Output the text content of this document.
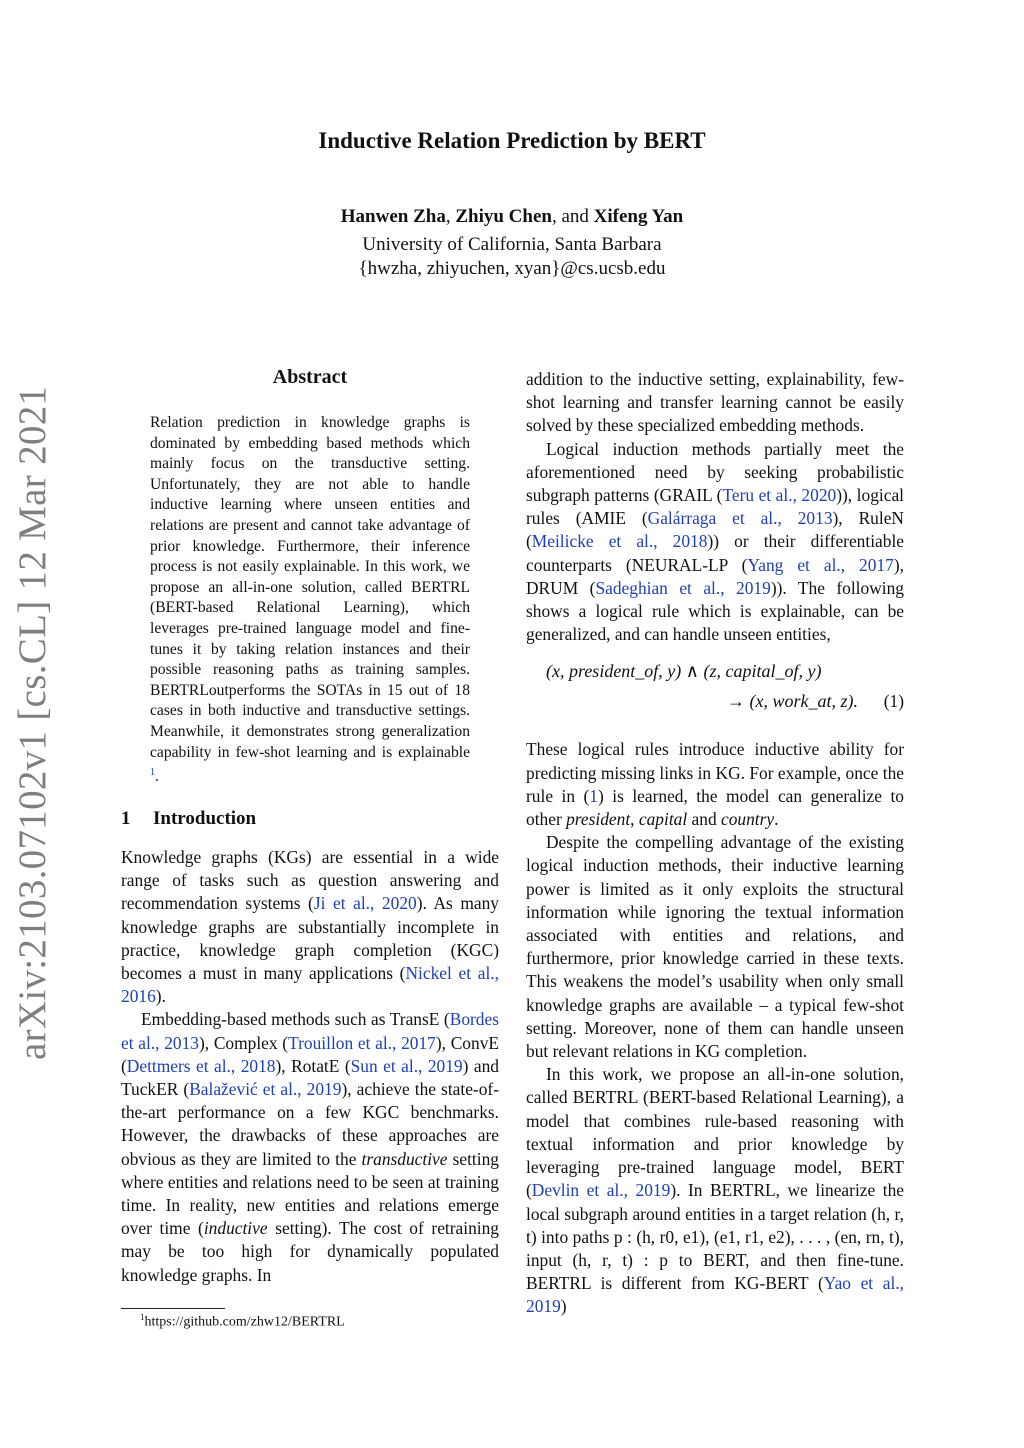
Inductive Relation Prediction by BERT
Hanwen Zha, Zhiyu Chen, and Xifeng Yan
University of California, Santa Barbara
{hwzha, zhiyuchen, xyan}@cs.ucsb.edu
arXiv:2103.07102v1 [cs.CL] 12 Mar 2021
Abstract
Relation prediction in knowledge graphs is dominated by embedding based methods which mainly focus on the transductive setting. Unfortunately, they are not able to handle inductive learning where unseen entities and relations are present and cannot take advantage of prior knowledge. Furthermore, their inference process is not easily explainable. In this work, we propose an all-in-one solution, called BERTRL (BERT-based Relational Learning), which leverages pre-trained language model and fine-tunes it by taking relation instances and their possible reasoning paths as training samples. BERTRLoutperforms the SOTAs in 15 out of 18 cases in both inductive and transductive settings. Meanwhile, it demonstrates strong generalization capability in few-shot learning and is explainable $^1$.
1 Introduction

Knowledge graphs (KGs) are essential in a wide range of tasks such as question answering and recommendation systems (Ji et al., 2020). As many knowledge graphs are substantially incomplete in practice, knowledge graph completion (KGC) becomes a must in many applications (Nickel et al., 2016).

Embedding-based methods such as TransE (Bordes et al., 2013), Complex (Trouillon et al., 2017), ConvE (Dettmers et al., 2018), RotatE (Sun et al., 2019) and TuckER (Balažević et al., 2019), achieve the state-of-the-art performance on a few KGC benchmarks. However, the drawbacks of these approaches are obvious as they are limited to the transductive setting where entities and relations need to be seen at training time. In reality, new entities and relations emerge over time (inductive setting). The cost of retraining may be too high for dynamically populated knowledge graphs. In

$^1$https://github.com/zhw12/BERTRL

addition to the inductive setting, explainability, few-shot learning and transfer learning cannot be easily solved by these specialized embedding methods.

Logical induction methods partially meet the aforementioned need by seeking probabilistic subgraph patterns (GRAIL (Teru et al., 2020)), logical rules (AMIE (Galárraga et al., 2013), RuleN (Meilicke et al., 2018)) or their differentiable counterparts (NEURAL-LP (Yang et al., 2017), DRUM (Sadeghian et al., 2019)). The following shows a logical rule which is explainable, can be generalized, and can handle unseen entities,

(x, president_of, y) ∧ (z, capital_of, y)
→ (x, work_at, z). (1)

These logical rules introduce inductive ability for predicting missing links in KG. For example, once the rule in (1) is learned, the model can generalize to other president, capital and country.

Despite the compelling advantage of the existing logical induction methods, their inductive learning power is limited as it only exploits the structural information while ignoring the textual information associated with entities and relations, and furthermore, prior knowledge carried in these texts. This weakens the model’s usability when only small knowledge graphs are available – a typical few-shot setting. Moreover, none of them can handle unseen but relevant relations in KG completion.

In this work, we propose an all-in-one solution, called BERTRL (BERT-based Relational Learning), a model that combines rule-based reasoning with textual information and prior knowledge by leveraging pre-trained language model, BERT (Devlin et al., 2019). In BERTRL, we linearize the local subgraph around entities in a target relation (h, r, t) into paths p : (h, r0, e1), (e1, r1, e2), . . . , (en, rn, t), input (h, r, t) : p to BERT, and then fine-tune. BERTRL is different from KG-BERT (Yao et al., 2019)
